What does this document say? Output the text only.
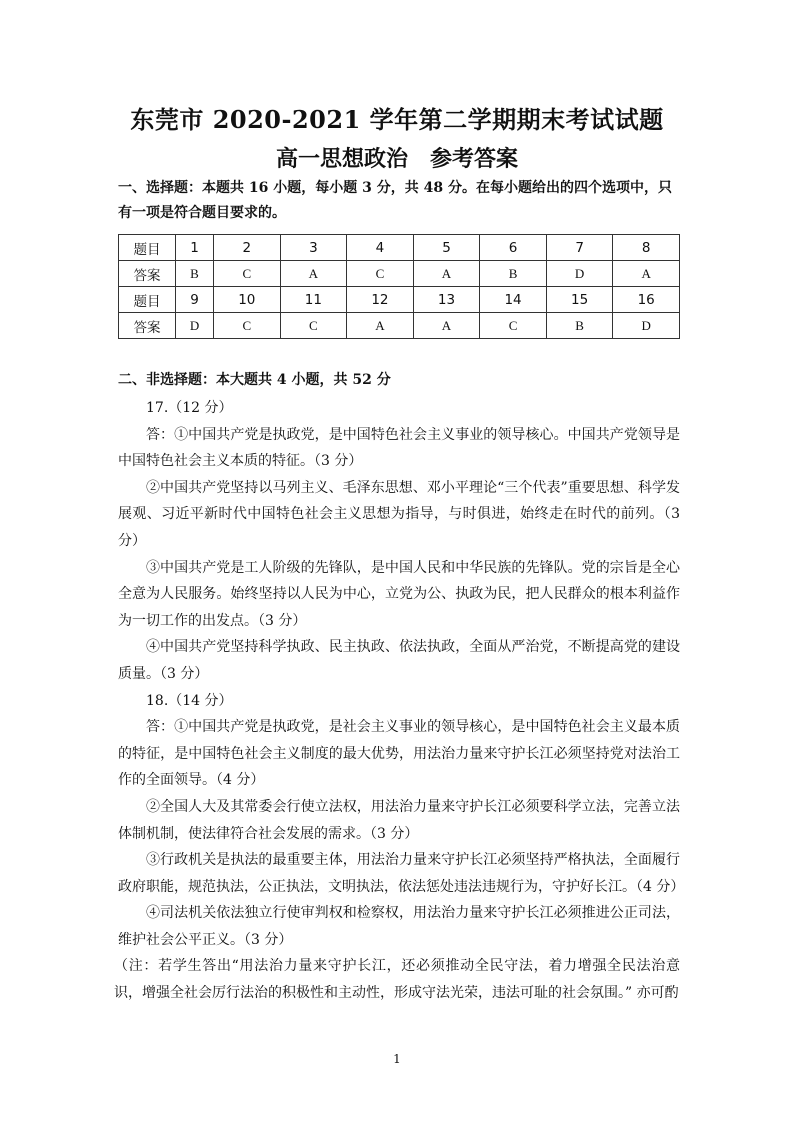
东莞市 2020-2021 学年第二学期期末考试试题
高一思想政治　参考答案
一、选择题：本题共 16 小题，每小题 3 分，共 48 分。在每小题给出的四个选项中，只有一项是符合题目要求的。
题目	1	2	3	4	5	6	7	8
答案	B	C	A	C	A	B	D	A
题目	9	10	11	12	13	14	15	16
答案	D	C	C	A	A	C	B	D
二、非选择题：本大题共 4 小题，共 52 分

17.（12 分）

答：①中国共产党是执政党，是中国特色社会主义事业的领导核心。中国共产党领导是中国特色社会主义本质的特征。（3 分）

②中国共产党坚持以马列主义、毛泽东思想、邓小平理论“三个代表”重要思想、科学发展观、习近平新时代中国特色社会主义思想为指导，与时俱进，始终走在时代的前列。（3 分）

③中国共产党是工人阶级的先锋队，是中国人民和中华民族的先锋队。党的宗旨是全心全意为人民服务。始终坚持以人民为中心，立党为公、执政为民，把人民群众的根本利益作为一切工作的出发点。（3 分）

④中国共产党坚持科学执政、民主执政、依法执政，全面从严治党，不断提高党的建设质量。（3 分）

18.（14 分）

答：①中国共产党是执政党，是社会主义事业的领导核心，是中国特色社会主义最本质的特征，是中国特色社会主义制度的最大优势，用法治力量来守护长江必须坚持党对法治工作的全面领导。（4 分）

②全国人大及其常委会行使立法权，用法治力量来守护长江必须要科学立法，完善立法体制机制，使法律符合社会发展的需求。（3 分）

③行政机关是执法的最重要主体，用法治力量来守护长江必须坚持严格执法，全面履行政府职能，规范执法，公正执法，文明执法，依法惩处违法违规行为，守护好长江。（4 分）

④司法机关依法独立行使审判权和检察权，用法治力量来守护长江必须推进公正司法，维护社会公平正义。（3 分）

（注：若学生答出“用法治力量来守护长江，还必须推动全民守法，着力增强全民法治意识，增强全社会厉行法治的积极性和主动性，形成守法光荣，违法可耻的社会氛围。” 亦可酌

1
